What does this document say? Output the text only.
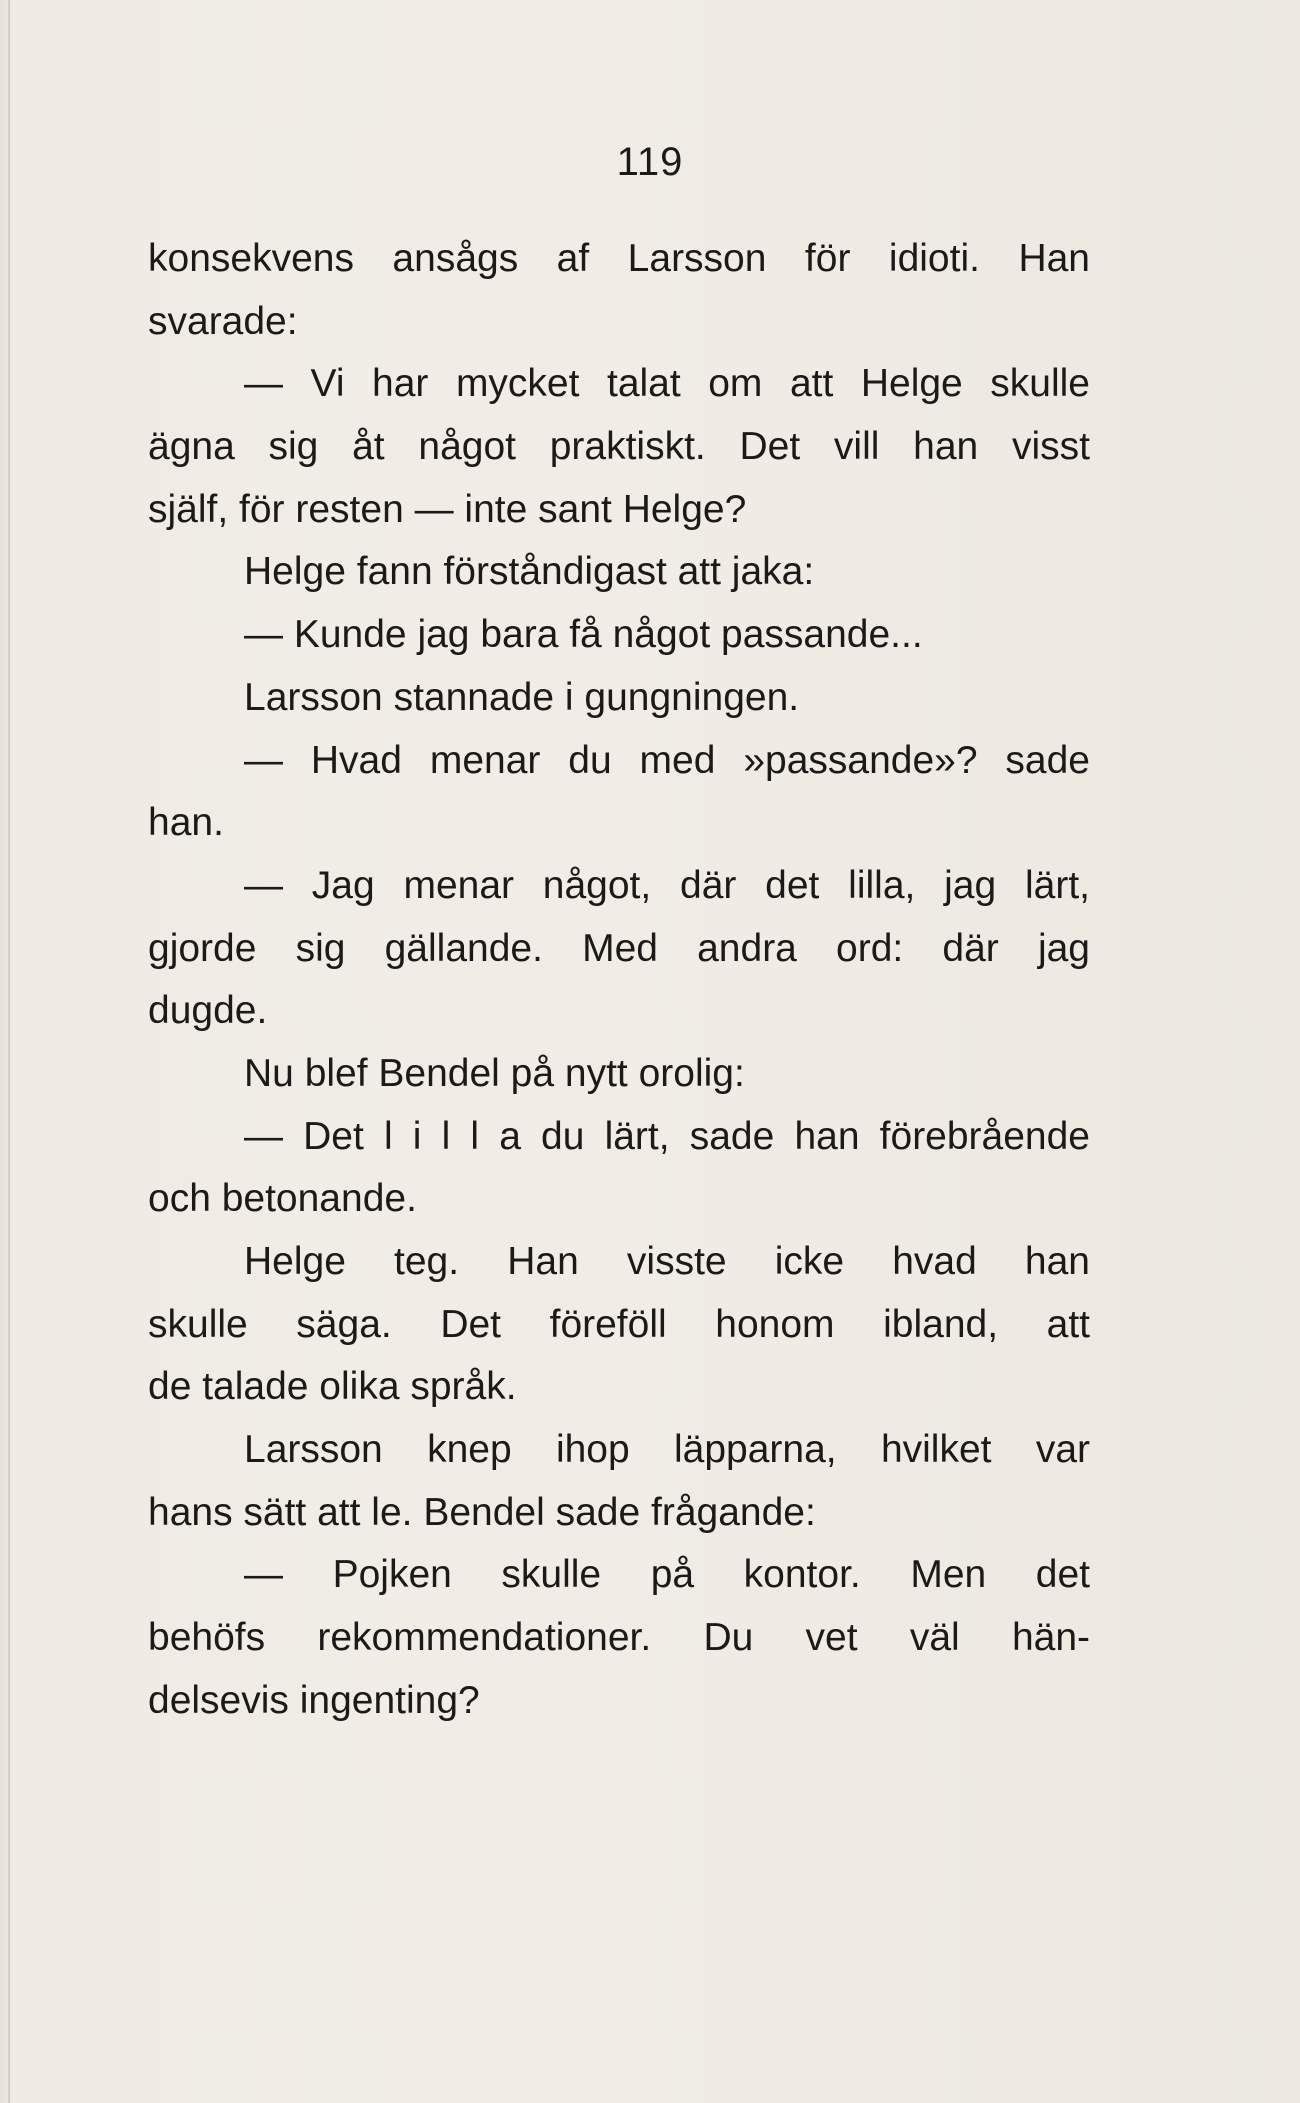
119
konsekvens ansågs af Larsson för idioti. Han
svarade:
— Vi har mycket talat om att Helge skulle
ägna sig åt något praktiskt. Det vill han visst
själf, för resten — inte sant Helge?
Helge fann förståndigast att jaka:
— Kunde jag bara få något passande...
Larsson stannade i gungningen.
— Hvad menar du med »passande»? sade
han.
— Jag menar något, där det lilla, jag lärt,
gjorde sig gällande. Med andra ord: där jag
dugde.
Nu blef Bendel på nytt orolig:
— Det l i l l a du lärt, sade han förebrående
och betonande.
Helge teg. Han visste icke hvad han
skulle säga. Det föreföll honom ibland, att
de talade olika språk.
Larsson knep ihop läpparna, hvilket var
hans sätt att le. Bendel sade frågande:
— Pojken skulle på kontor. Men det
behöfs rekommendationer. Du vet väl hän-
delsevis ingenting?
